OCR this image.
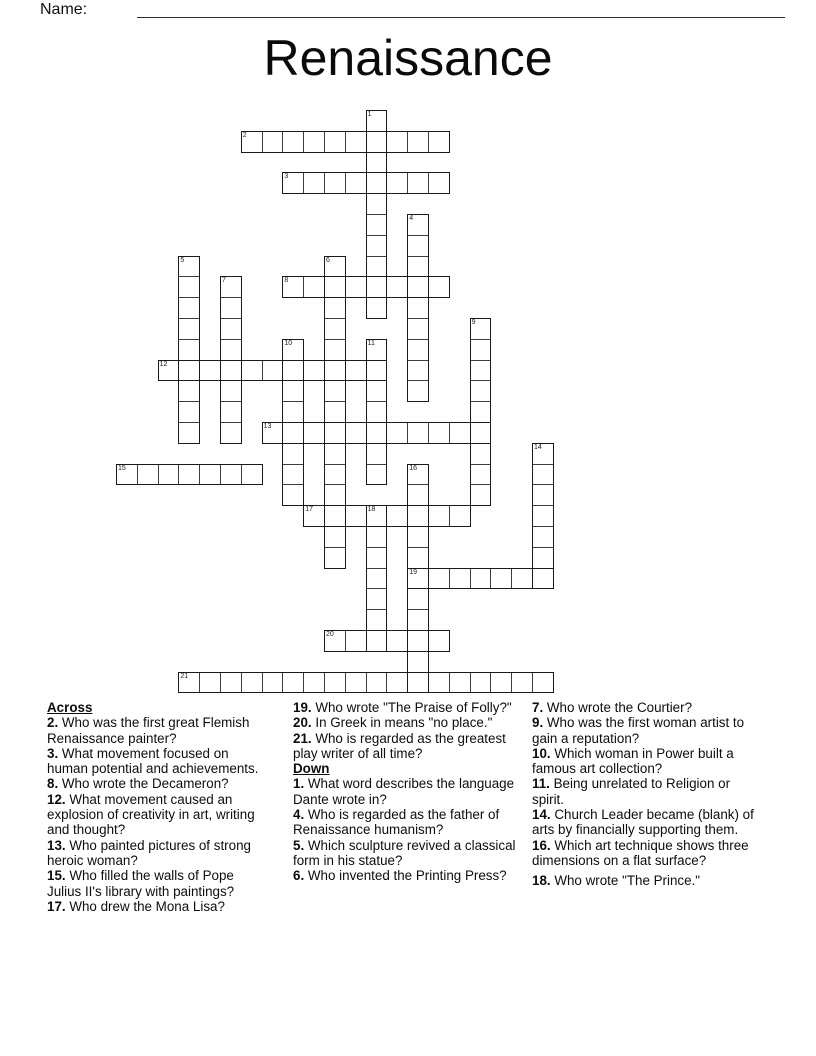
Name:
Renaissance
1
2
3
4
5	6
7	8
9
10	11
12
13
14
15	16
19
17	18
20
21

Across

2. Who was the first great Flemish Renaissance painter?

3. What movement focused on human potential and achievements.

8. Who wrote the Decameron?

12. What movement caused an explosion of creativity in art, writing and thought?

13. Who painted pictures of strong heroic woman?

15. Who filled the walls of Pope Julius II's library with paintings?

17. Who drew the Mona Lisa?

19. Who wrote "The Praise of Folly?"

20. In Greek in means "no place."

21. Who is regarded as the greatest play writer of all time?

Down

1. What word describes the language Dante wrote in?

4. Who is regarded as the father of Renaissance humanism?

5. Which sculpture revived a classical form in his statue?

6. Who invented the Printing Press?

7. Who wrote the Courtier?

9. Who was the first woman artist to gain a reputation?

10. Which woman in Power built a famous art collection?

11. Being unrelated to Religion or spirit.

14. Church Leader became (blank) of arts by financially supporting them.

16. Which art technique shows three dimensions on a flat surface?

18. Who wrote "The Prince."
